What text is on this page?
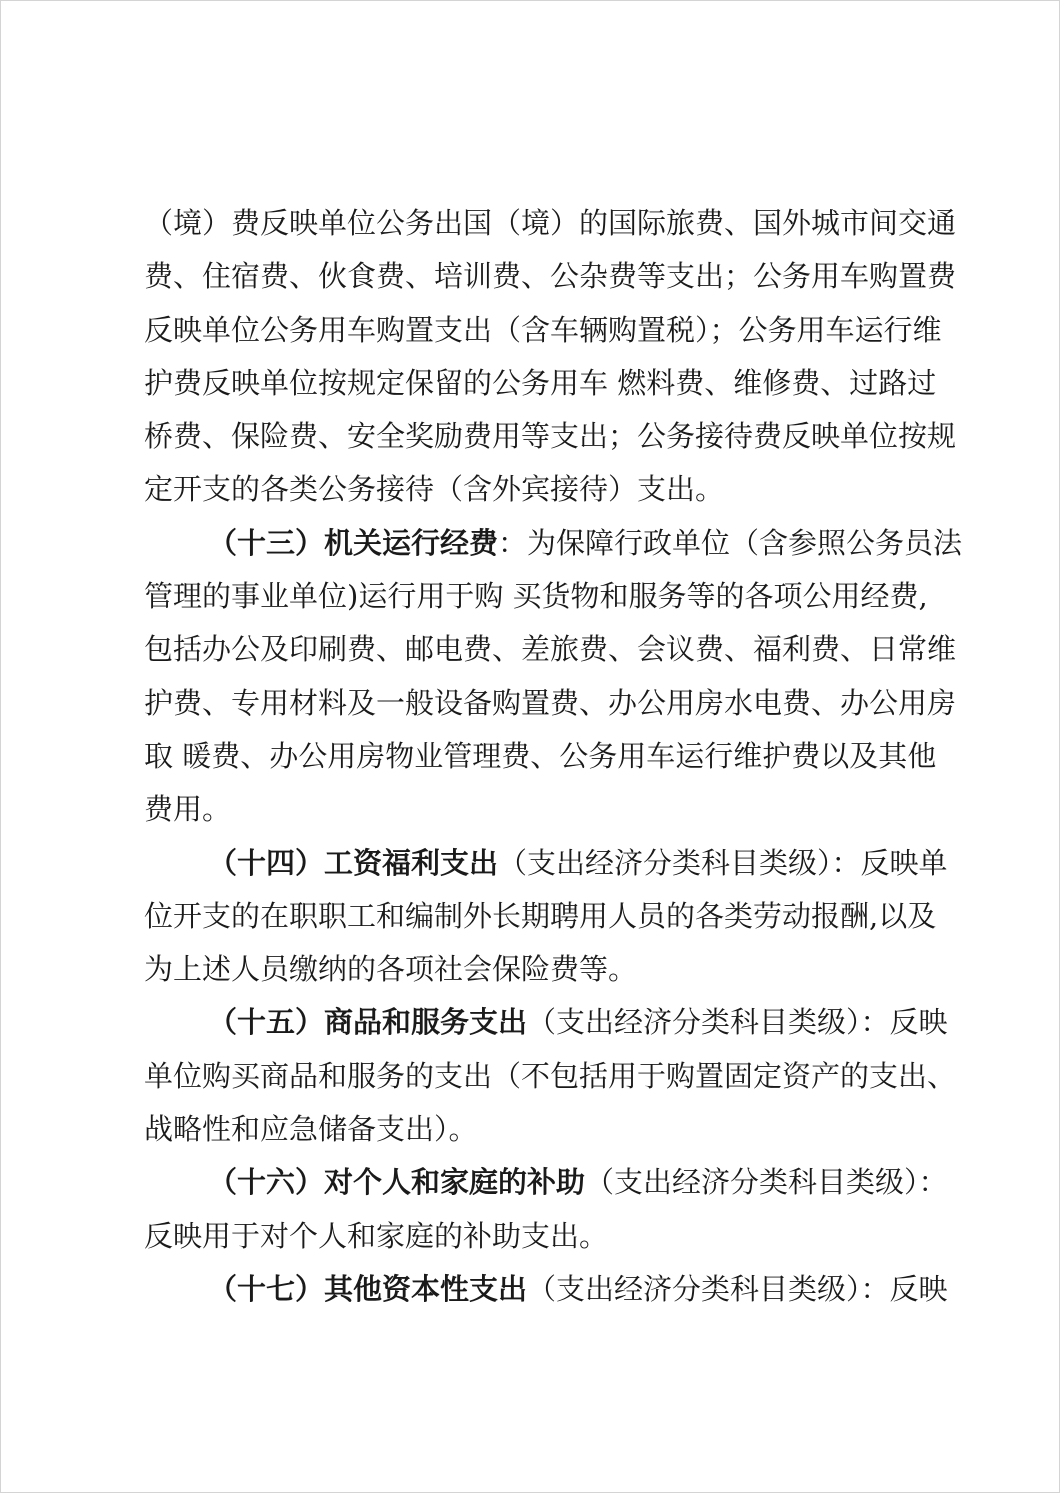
（境）费反映单位公务出国（境）的国际旅费、国外城市间交通
费、住宿费、伙食费、培训费、公杂费等支出；公务用车购置费
反映单位公务用车购置支出（含车辆购置税）；公务用车运行维
护费反映单位按规定保留的公务用车 燃料费、维修费、过路过
桥费、保险费、安全奖励费用等支出；公务接待费反映单位按规
定开支的各类公务接待（含外宾接待）支出。
（十三）机关运行经费：为保障行政单位（含参照公务员法
管理的事业单位)运行用于购 买货物和服务等的各项公用经费,
包括办公及印刷费、邮电费、差旅费、会议费、福利费、日常维
护费、专用材料及一般设备购置费、办公用房水电费、办公用房
取 暖费、办公用房物业管理费、公务用车运行维护费以及其他
费用。
（十四）工资福利支出（支出经济分类科目类级）：反映单
位开支的在职职工和编制外长期聘用人员的各类劳动报酬,以及
为上述人员缴纳的各项社会保险费等。
（十五）商品和服务支出（支出经济分类科目类级）：反映
单位购买商品和服务的支出（不包括用于购置固定资产的支出、
战略性和应急储备支出）。
（十六）对个人和家庭的补助（支出经济分类科目类级）：
反映用于对个人和家庭的补助支出。
（十七）其他资本性支出（支出经济分类科目类级）：反映
